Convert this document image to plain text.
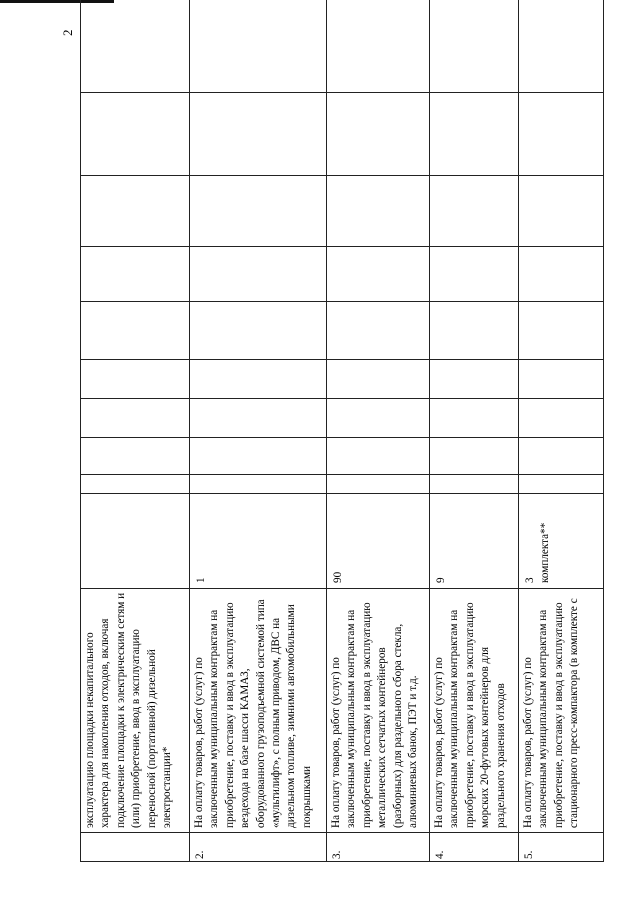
2
	эксплуатацию площадки некапитального характера для накопления отходов, включая подключение площадки к электрическим сетям и (или) приобретение, ввод в эксплуатацию переносной (портативной) дизельной электростанции*	

2.	На оплату товаров, работ (услуг) по заключенным муниципальным контрактам на приобретение, поставку и ввод в эксплуатацию вездехода на базе шасси КАМАЗ, оборудованного грузоподъемной системой типа «мультилифт», с полным приводом, ДВС на дизельном топливе, зимними автомобильными покрышками	1									

3.	На оплату товаров, работ (услуг) по заключенным муниципальным контрактам на приобретение, поставку и ввод в эксплуатацию металлических сетчатых контейнеров (разборных) для раздельного сбора стекла, алюминиевых банок, ПЭТ и т.д.	90									

4.	На оплату товаров, работ (услуг) по заключенным муниципальным контрактам на приобретение, поставку и ввод в эксплуатацию морских 20-футовых контейнеров для раздельного хранения отходов	9									

5.	На оплату товаров, работ (услуг) по заключенным муниципальным контрактам на приобретение, поставку и ввод в эксплуатацию стационарного пресс-компактора (в комплекте с	3 комплекта**									
